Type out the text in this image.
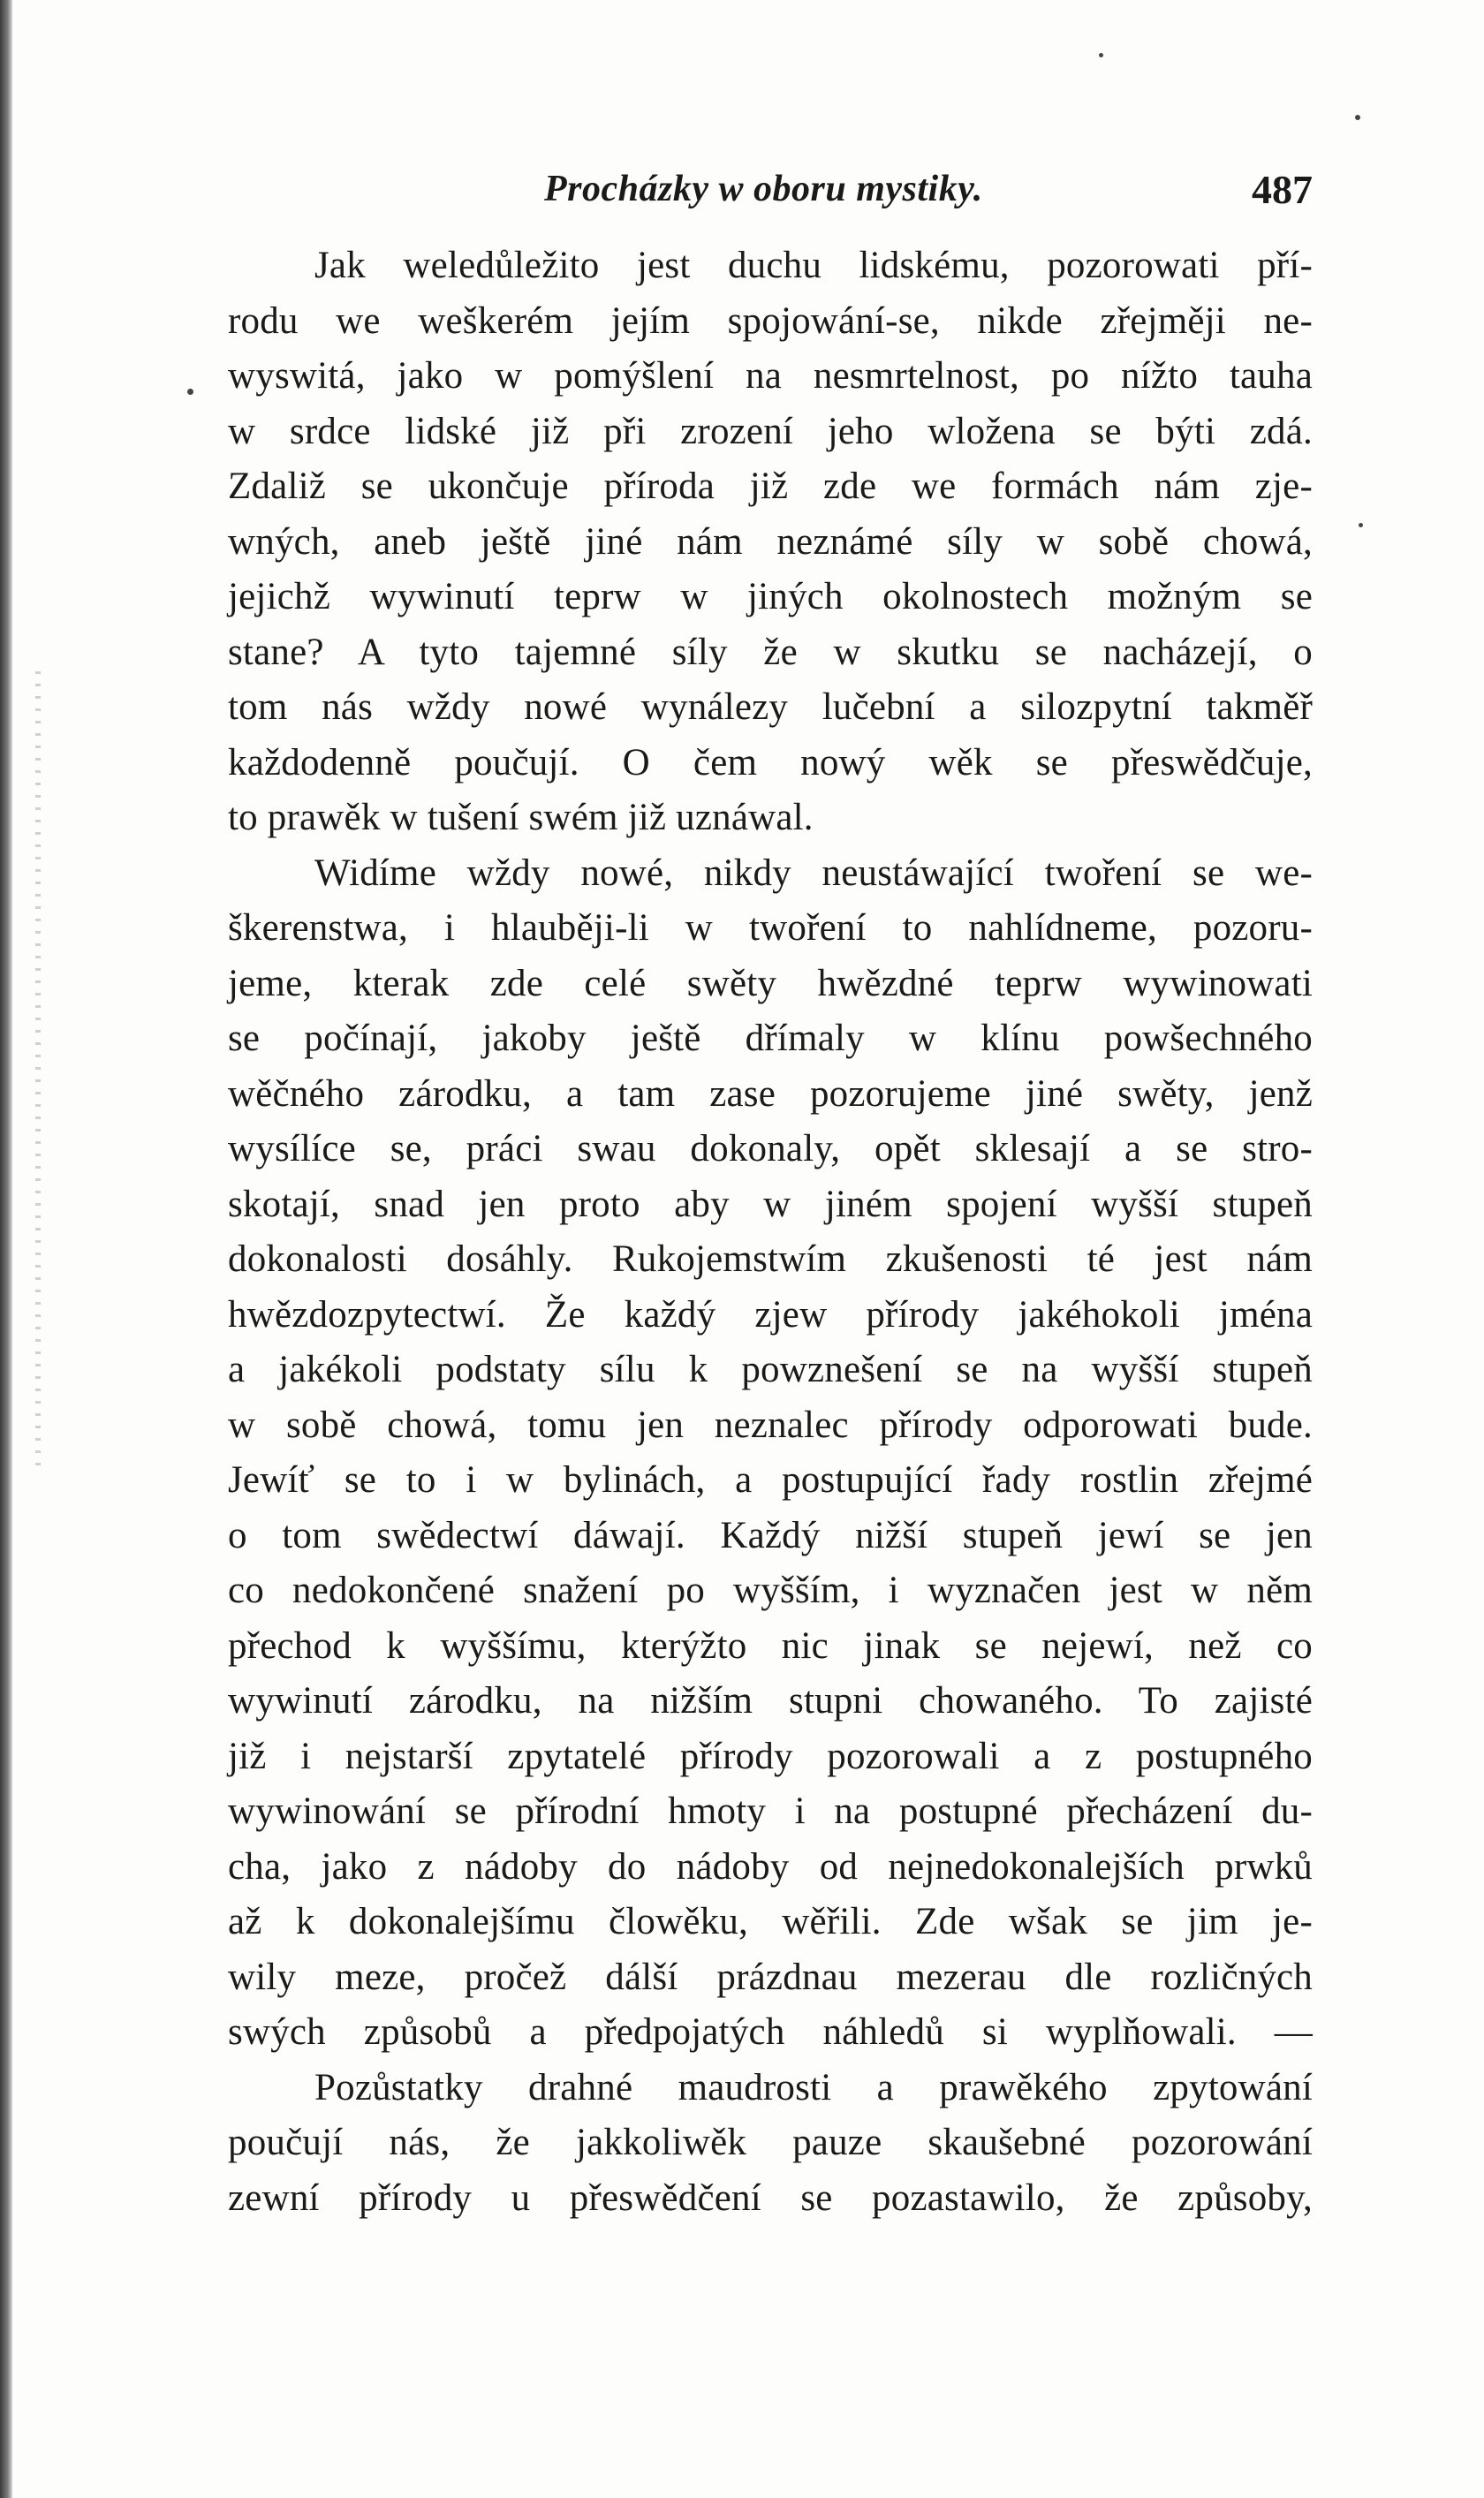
Procházky w oboru mystiky.	487
Jak weledůležito jest duchu lidskému, pozorowati pří-
rodu we weškerém jejím spojowání-se, nikde zřejměji ne-
wyswitá, jako w pomýšlení na nesmrtelnost, po nížto tauha
w srdce lidské již při zrození jeho wložena se býti zdá.
Zdaliž se ukončuje příroda již zde we formách nám zje-
wných, aneb ještě jiné nám neznámé síly w sobě chowá,
jejichž wywinutí teprw w jiných okolnostech možným se
stane? A tyto tajemné síly že w skutku se nacházejí, o
tom nás wždy nowé wynálezy lučební a silozpytní takměř
každodenně poučují. O čem nowý wěk se přeswědčuje,
to prawěk w tušení swém již uznáwal.
Widíme wždy nowé, nikdy neustáwající twoření se we-
škerenstwa, i hlauběji-li w twoření to nahlídneme, pozoru-
jeme, kterak zde celé swěty hwězdné teprw wywinowati
se počínají, jakoby ještě dřímaly w klínu powšechného
wěčného zárodku, a tam zase pozorujeme jiné swěty, jenž
wysílíce se, práci swau dokonaly, opět sklesají a se stro-
skotají, snad jen proto aby w jiném spojení wyšší stupeň
dokonalosti dosáhly. Rukojemstwím zkušenosti té jest nám
hwězdozpytectwí. Že každý zjew přírody jakéhokoli jména
a jakékoli podstaty sílu k powznešení se na wyšší stupeň
w sobě chowá, tomu jen neznalec přírody odporowati bude.
Jewíť se to i w bylinách, a postupující řady rostlin zřejmé
o tom swědectwí dáwají. Každý nižší stupeň jewí se jen
co nedokončené snažení po wyšším, i wyznačen jest w něm
přechod k wyššímu, kterýžto nic jinak se nejewí, než co
wywinutí zárodku, na nižším stupni chowaného. To zajisté
již i nejstarší zpytatelé přírody pozorowali a z postupného
wywinowání se přírodní hmoty i na postupné přecházení du-
cha, jako z nádoby do nádoby od nejnedokonalejších prwků
až k dokonalejšímu člowěku, wěřili. Zde wšak se jim je-
wily meze, pročež dálší prázdnau mezerau dle rozličných
swých způsobů a předpojatých náhledů si wyplňowali. —
Pozůstatky drahné maudrosti a prawěkého zpytowání
poučují nás, že jakkoliwěk pauze skaušebné pozorowání
zewní přírody u přeswědčení se pozastawilo, že způsoby,
